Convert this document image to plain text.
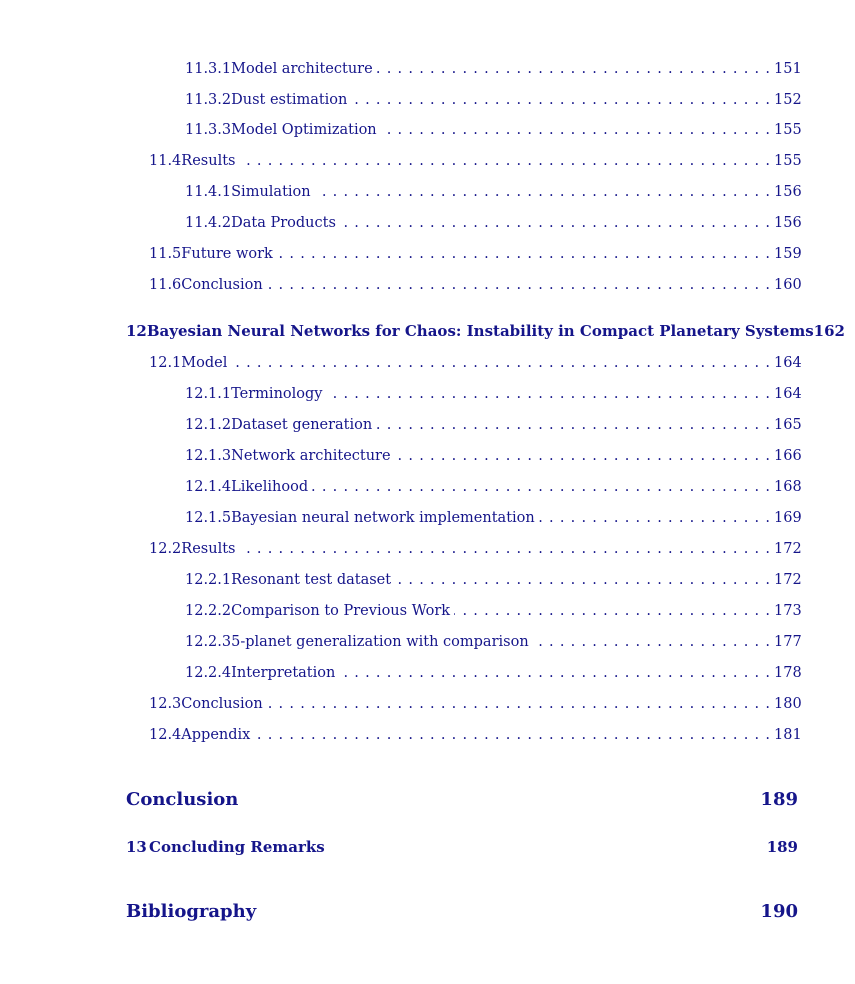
11.3.1 Model architecture . . .	151
11.3.2 Dust estimation . . .	152
11.3.3 Model Optimization . . .	155
11.4 Results . . .	155
11.4.1 Simulation . . .	156
11.4.2 Data Products . . .	156
11.5 Future work . . .	159
11.6 Conclusion . . .	160
12 Bayesian Neural Networks for Chaos: Instability in Compact Planetary Systems 162
12.1 Model . . .	164
12.1.1 Terminology . . .	164
12.1.2 Dataset generation . . .	165
12.1.3 Network architecture . . .	166
12.1.4 Likelihood . . .	168
12.1.5 Bayesian neural network implementation . . .	169
12.2 Results . . .	172
12.2.1 Resonant test dataset . . .	172
12.2.2 Comparison to Previous Work . . .	173
12.2.3 5-planet generalization with comparison . . .	177
12.2.4 Interpretation . . .	178
12.3 Conclusion . . .	180
12.4 Appendix . . .	181
Conclusion	189
13 Concluding Remarks	189
Bibliography	190
